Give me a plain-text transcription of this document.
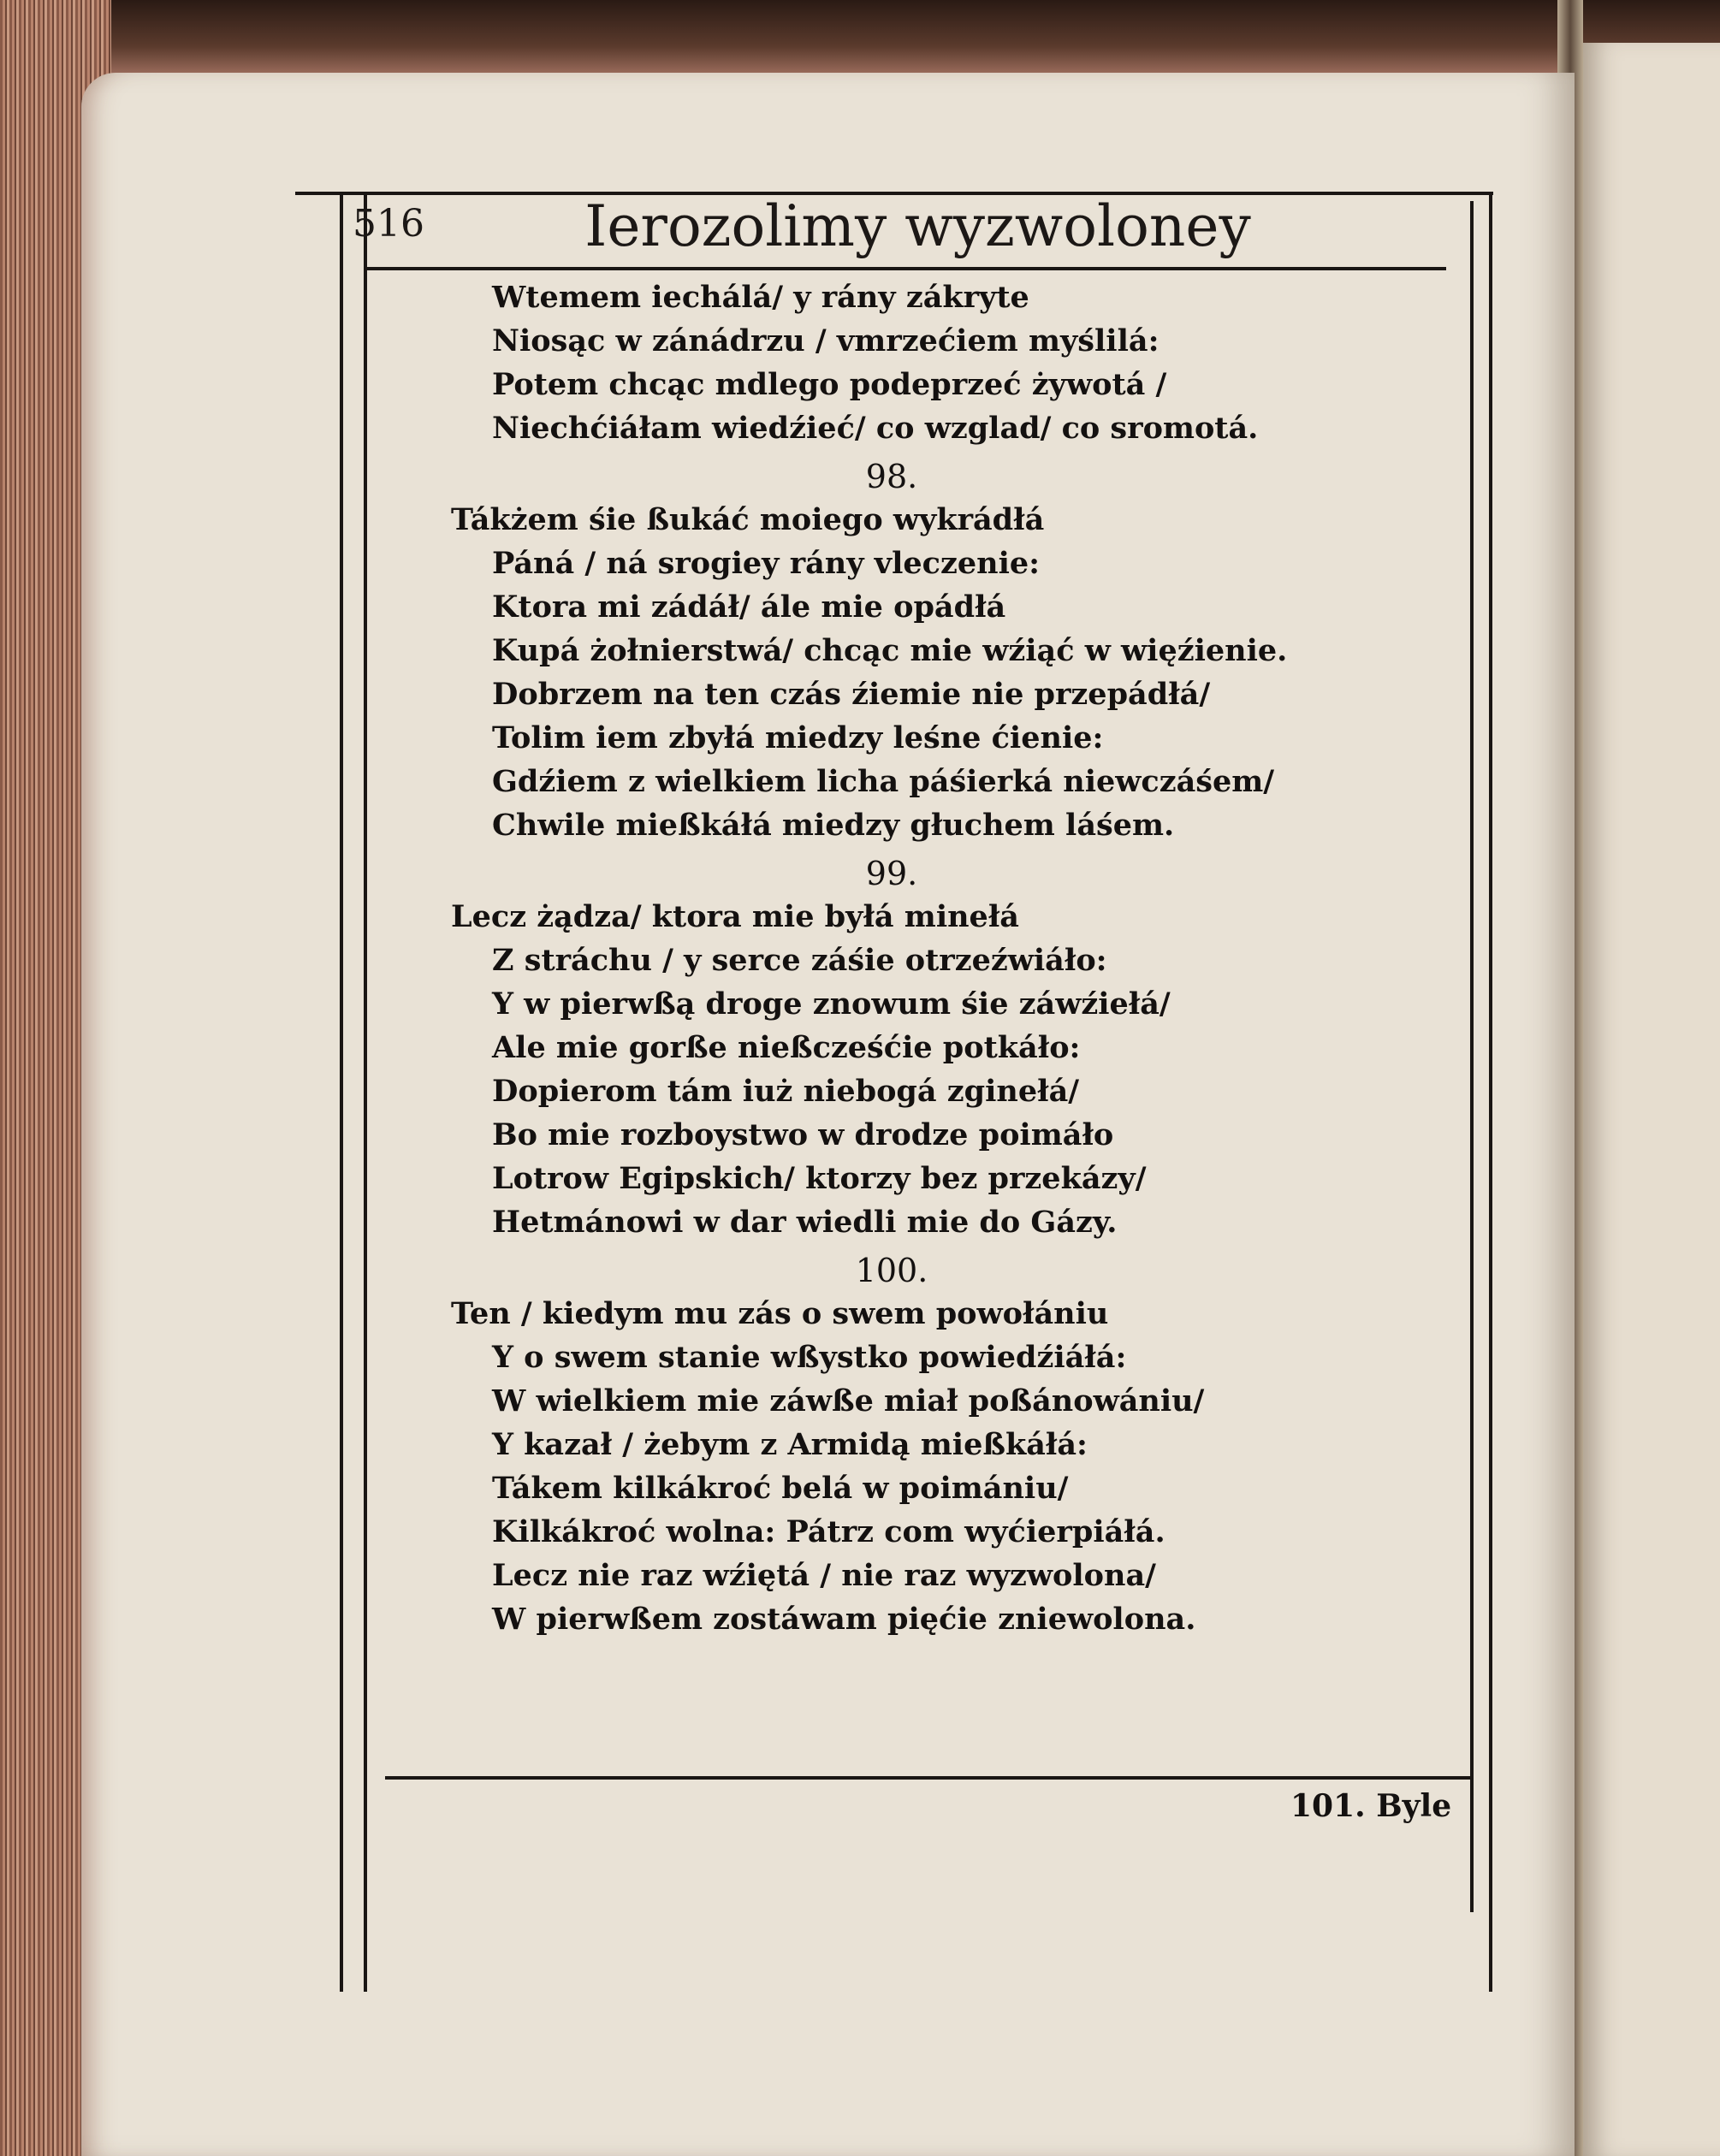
516	Ierozolimy wyzwoloney
Wtemem iechálá/ y rány zákryte
Niosąc w zánádrzu / vmrzećiem myślilá:
Potem chcąc mdlego podeprzeć żywotá /
Niechćiáłam wiedźieć/ co wzglad/ co sromotá.
98.
Tákżem śie ßukáć moiego wykrádłá
Páná / ná srogiey rány vleczenie:
Ktora mi zádáł/ ále mie opádłá
Kupá żołnierstwá/ chcąc mie wźiąć w więźienie.
Dobrzem na ten czás źiemie nie przepádłá/
Tolim iem zbyłá miedzy leśne ćienie:
Gdźiem z wielkiem licha páśierká niewczáśem/
Chwile mießkáłá miedzy głuchem láśem.
99.
Lecz żądza/ ktora mie byłá minełá
Z stráchu / y serce záśie otrzeźwiáło:
Y w pierwßą droge znowum śie záwźiełá/
Ale mie gorße nießcześćie potkáło:
Dopierom tám iuż niebogá zginełá/
Bo mie rozboystwo w drodze poimáło
Lotrow Egipskich/ ktorzy bez przekázy/
Hetmánowi w dar wiedli mie do Gázy.
100.
Ten / kiedym mu zás o swem powołániu
Y o swem stanie wßystko powiedźiáłá:
W wielkiem mie záwße miał poßánowániu/
Y kazał / żebym z Armidą mießkáłá:
Tákem kilkákroć belá w poimániu/
Kilkákroć wolna: Pátrz com wyćierpiáłá.
Lecz nie raz wźiętá / nie raz wyzwolona/
W pierwßem zostáwam pięćie zniewolona.
101. Byle
